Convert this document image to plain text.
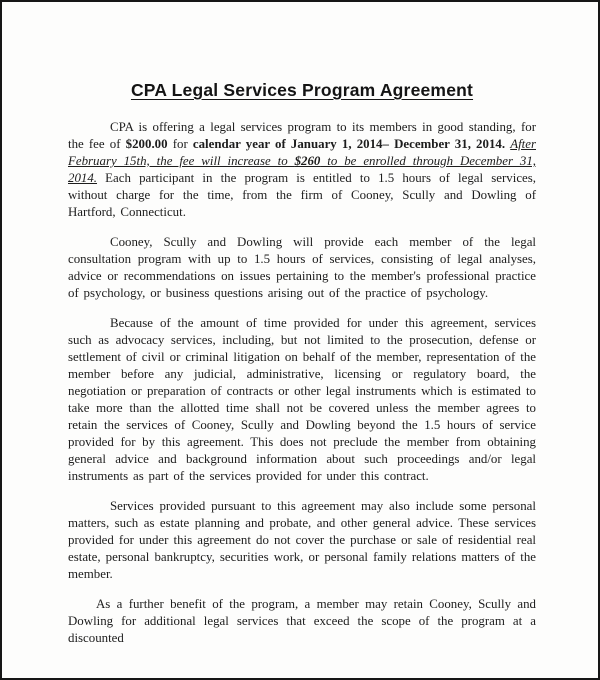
CPA Legal Services Program Agreement

CPA is offering a legal services program to its members in good standing, for the fee of $200.00 for calendar year of January 1, 2014– December 31, 2014. After February 15th, the fee will increase to $260 to be enrolled through December 31, 2014. Each participant in the program is entitled to 1.5 hours of legal services, without charge for the time, from the firm of Cooney, Scully and Dowling of Hartford, Connecticut.

Cooney, Scully and Dowling will provide each member of the legal consultation program with up to 1.5 hours of services, consisting of legal analyses, advice or recommendations on issues pertaining to the member's professional practice of psychology, or business questions arising out of the practice of psychology.

Because of the amount of time provided for under this agreement, services such as advocacy services, including, but not limited to the prosecution, defense or settlement of civil or criminal litigation on behalf of the member, representation of the member before any judicial, administrative, licensing or regulatory board, the negotiation or preparation of contracts or other legal instruments which is estimated to take more than the allotted time shall not be covered unless the member agrees to retain the services of Cooney, Scully and Dowling beyond the 1.5 hours of service provided for by this agreement. This does not preclude the member from obtaining general advice and background information about such proceedings and/or legal instruments as part of the services provided for under this contract.

Services provided pursuant to this agreement may also include some personal matters, such as estate planning and probate, and other general advice. These services provided for under this agreement do not cover the purchase or sale of residential real estate, personal bankruptcy, securities work, or personal family relations matters of the member.

As a further benefit of the program, a member may retain Cooney, Scully and Dowling for additional legal services that exceed the scope of the program at a discounted
